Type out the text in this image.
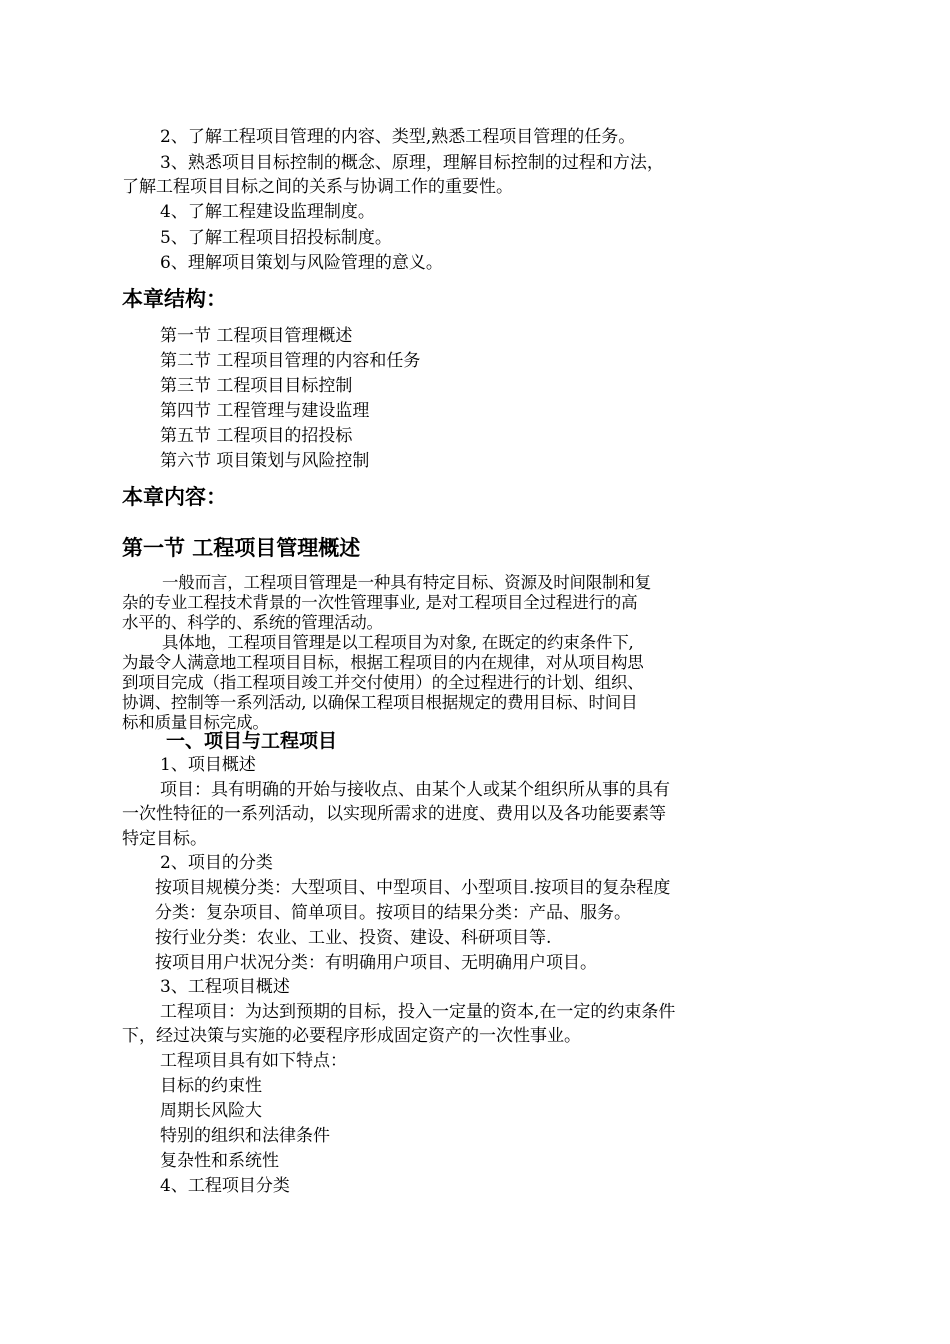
2、了解工程项目管理的内容、类型,熟悉工程项目管理的任务。
3、熟悉项目目标控制的概念、原理，理解目标控制的过程和方法，
了解工程项目目标之间的关系与协调工作的重要性。
4、了解工程建设监理制度。
5、了解工程项目招投标制度。
6、理解项目策划与风险管理的意义。
本章结构：
第一节 工程项目管理概述
第二节 工程项目管理的内容和任务
第三节 工程项目目标控制
第四节 工程管理与建设监理
第五节 工程项目的招投标
第六节 项目策划与风险控制
本章内容：
第一节 工程项目管理概述
一般而言，工程项目管理是一种具有特定目标、资源及时间限制和复
杂的专业工程技术背景的一次性管理事业, 是对工程项目全过程进行的高
水平的、科学的、系统的管理活动。
具体地，工程项目管理是以工程项目为对象, 在既定的约束条件下,
为最令人满意地工程项目目标，根据工程项目的内在规律，对从项目构思
到项目完成（指工程项目竣工并交付使用）的全过程进行的计划、组织、
协调、控制等一系列活动, 以确保工程项目根据规定的费用目标、时间目
标和质量目标完成。
一、项目与工程项目
1、项目概述
项目：具有明确的开始与接收点、由某个人或某个组织所从事的具有
一次性特征的一系列活动，以实现所需求的进度、费用以及各功能要素等
特定目标。
2、项目的分类
按项目规模分类：大型项目、中型项目、小型项目.按项目的复杂程度
分类：复杂项目、简单项目。按项目的结果分类：产品、服务。
按行业分类：农业、工业、投资、建设、科研项目等.
按项目用户状况分类：有明确用户项目、无明确用户项目。
3、工程项目概述
工程项目：为达到预期的目标，投入一定量的资本,在一定的约束条件
下，经过决策与实施的必要程序形成固定资产的一次性事业。
工程项目具有如下特点：
目标的约束性
周期长风险大
特别的组织和法律条件
复杂性和系统性
4、工程项目分类
